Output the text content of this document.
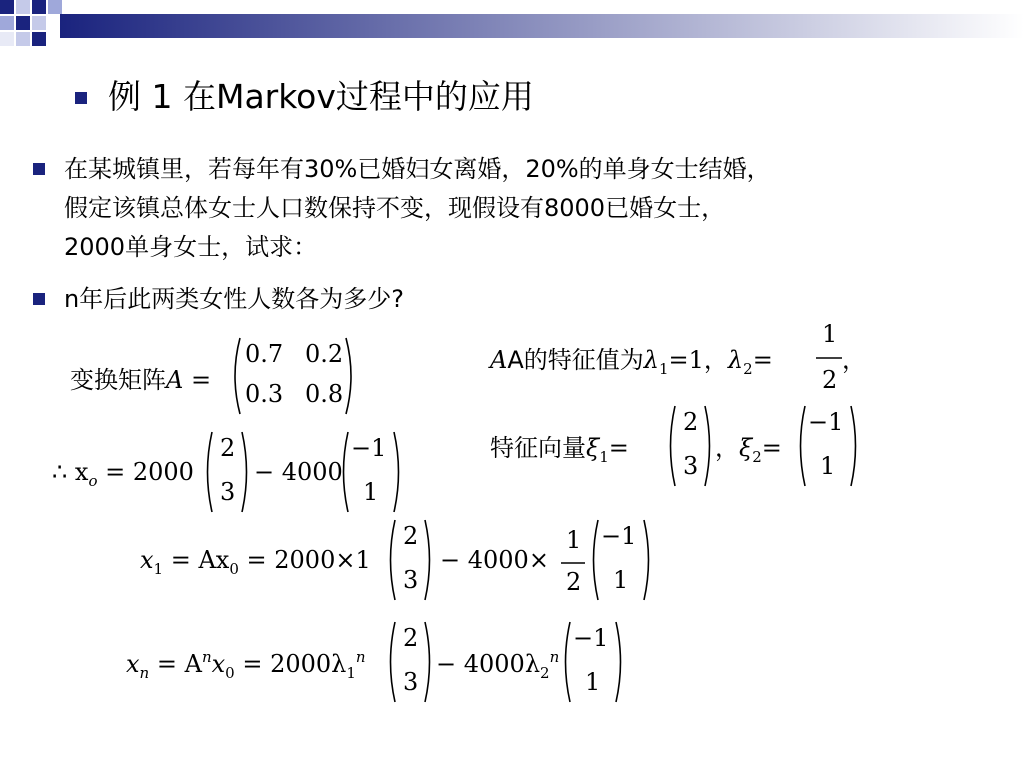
例 1 在Markov过程中的应用
在某城镇里，若每年有30%已婚妇女离婚，20%的单身女士结婚，
假定该镇总体女士人口数保持不变，现假设有8000已婚女士，
2000单身女士，试求：
n年后此两类女性人数各为多少?
变换矩阵A =
0.7 0.2
0.3 0.8
AA的特征值为$\lambda_1=1$，$\lambda_2=$
1
2
，
特征向量$\xi_1=$
2
3
，$\xi_2=$
−1
1
∴ $x_o = 2000$
2
3
− 4000
−1
1
$x_1 = Ax_0 = 2000\times 1$
2
3
− 4000×
1
2
−1
1
$x_n = A^nx_0 = 2000\lambda_1^n$
2
3
− $4000\lambda_2^n$
−1
1
